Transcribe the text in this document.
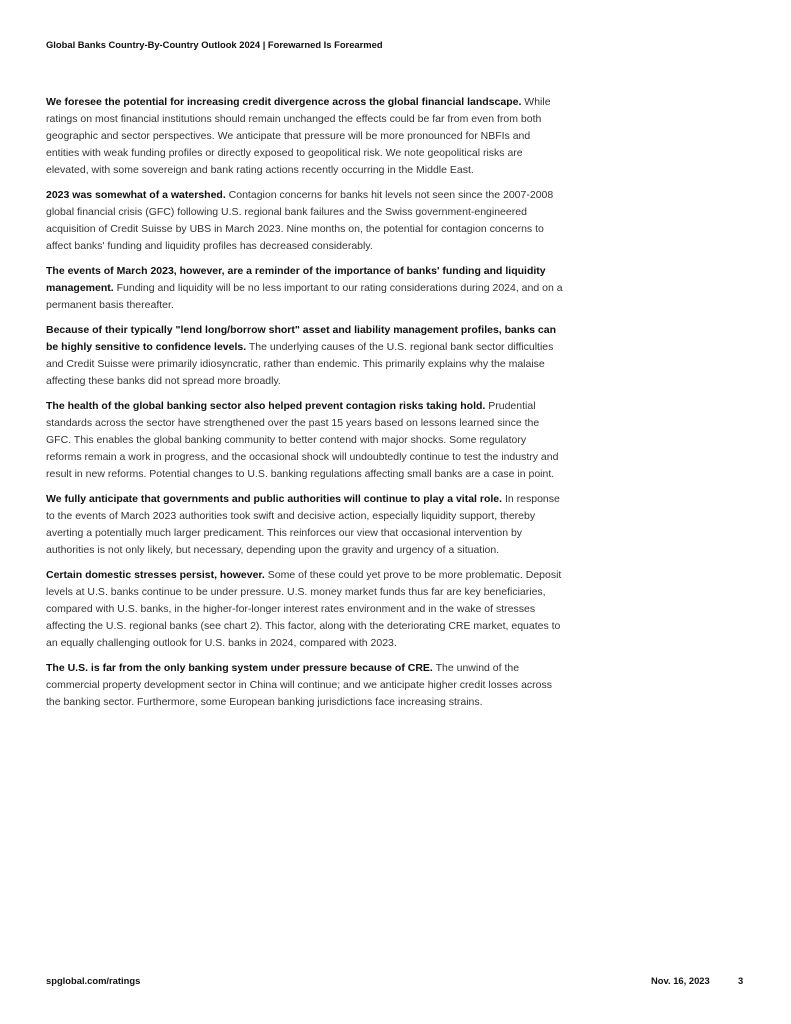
Global Banks Country-By-Country Outlook 2024 | Forewarned Is Forearmed

We foresee the potential for increasing credit divergence across the global financial landscape. While ratings on most financial institutions should remain unchanged the effects could be far from even from both geographic and sector perspectives. We anticipate that pressure will be more pronounced for NBFIs and entities with weak funding profiles or directly exposed to geopolitical risk. We note geopolitical risks are elevated, with some sovereign and bank rating actions recently occurring in the Middle East.

2023 was somewhat of a watershed. Contagion concerns for banks hit levels not seen since the 2007-2008 global financial crisis (GFC) following U.S. regional bank failures and the Swiss government-engineered acquisition of Credit Suisse by UBS in March 2023. Nine months on, the potential for contagion concerns to affect banks' funding and liquidity profiles has decreased considerably.

The events of March 2023, however, are a reminder of the importance of banks' funding and liquidity management. Funding and liquidity will be no less important to our rating considerations during 2024, and on a permanent basis thereafter.

Because of their typically "lend long/borrow short" asset and liability management profiles, banks can be highly sensitive to confidence levels. The underlying causes of the U.S. regional bank sector difficulties and Credit Suisse were primarily idiosyncratic, rather than endemic. This primarily explains why the malaise affecting these banks did not spread more broadly.

The health of the global banking sector also helped prevent contagion risks taking hold. Prudential standards across the sector have strengthened over the past 15 years based on lessons learned since the GFC. This enables the global banking community to better contend with major shocks. Some regulatory reforms remain a work in progress, and the occasional shock will undoubtedly continue to test the industry and result in new reforms. Potential changes to U.S. banking regulations affecting small banks are a case in point.

We fully anticipate that governments and public authorities will continue to play a vital role. In response to the events of March 2023 authorities took swift and decisive action, especially liquidity support, thereby averting a potentially much larger predicament. This reinforces our view that occasional intervention by authorities is not only likely, but necessary, depending upon the gravity and urgency of a situation.

Certain domestic stresses persist, however. Some of these could yet prove to be more problematic. Deposit levels at U.S. banks continue to be under pressure. U.S. money market funds thus far are key beneficiaries, compared with U.S. banks, in the higher-for-longer interest rates environment and in the wake of stresses affecting the U.S. regional banks (see chart 2). This factor, along with the deteriorating CRE market, equates to an equally challenging outlook for U.S. banks in 2024, compared with 2023.

The U.S. is far from the only banking system under pressure because of CRE. The unwind of the commercial property development sector in China will continue; and we anticipate higher credit losses across the banking sector. Furthermore, some European banking jurisdictions face increasing strains.

spglobal.com/ratings	Nov. 16, 2023	3
